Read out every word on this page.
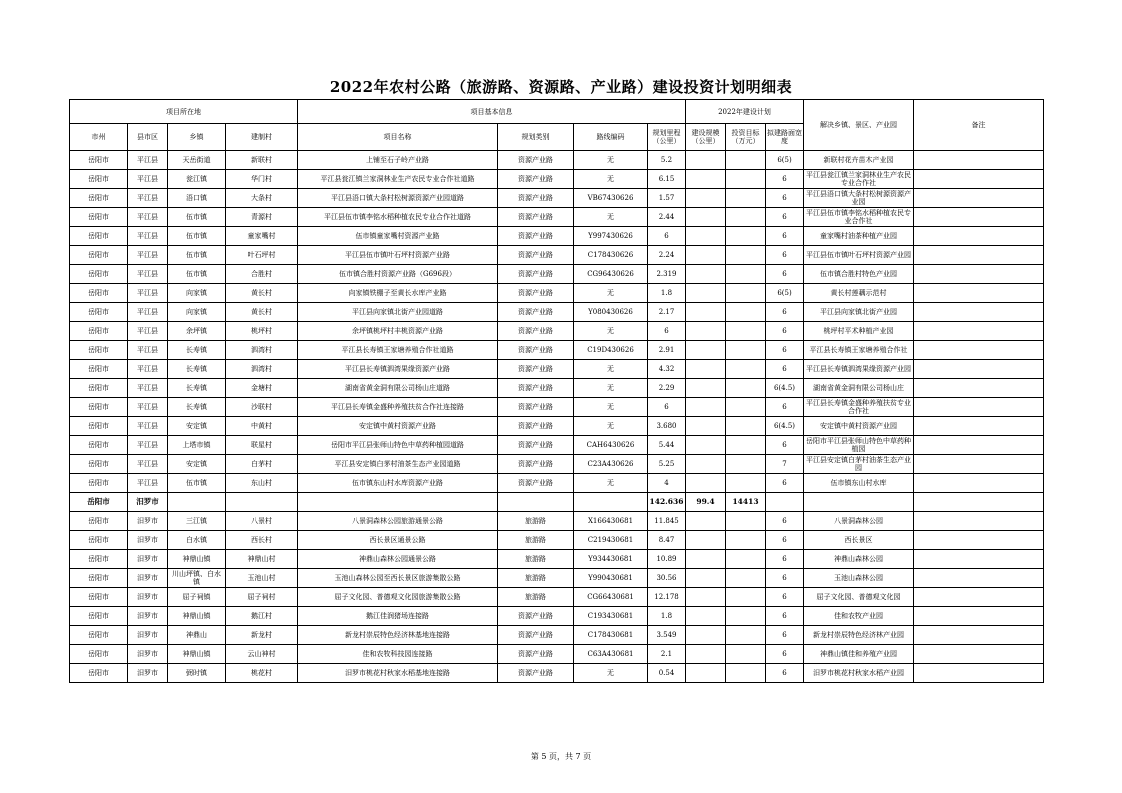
2022年农村公路（旅游路、资源路、产业路）建设投资计划明细表
项目所在地				项目基本信息				2022年建设计划			解决乡镇、景区、产业园	备注
市州	县市区	乡镇	建制村	项目名称	规划类别	路线编码	规划里程（公里）	建设规模（公里）	投资目标（万元）	拟建路面宽度		
岳阳市	平江县	天岳街道	新联村	上铺至石子岭产业路	资源产业路	无	5.2			6(5)	新联村花卉苗木产业园	
岳阳市	平江县	瓮江镇	华门村	平江县瓮江镇兰家洞林业生产农民专业合作社道路	资源产业路	无	6.15			6	平江县瓮江镇兰家洞林业生产农民专业合作社	
岳阳市	平江县	浯口镇	大条村	平江县浯口镇大条村松树源资源产业园道路	资源产业路	VB67430626	1.57			6	平江县浯口镇大条村松树源资源产业园	
岳阳市	平江县	伍市镇	青源村	平江县伍市镇李铭水稻种植农民专业合作社道路	资源产业路	无	2.44			6	平江县伍市镇李铭水稻种植农民专业合作社	
岳阳市	平江县	伍市镇	童家嘴村	伍市镇童家嘴村资源产业路	资源产业路	Y997430626	6			6	童家嘴村油茶种植产业园	
岳阳市	平江县	伍市镇	叶石坪村	平江县伍市镇叶石坪村资源产业路	资源产业路	C178430626	2.24			6	平江县伍市镇叶石坪村资源产业园	
岳阳市	平江县	伍市镇	合胜村	伍市镇合胜村资源产业路（G696段）	资源产业路	CG96430626	2.319			6	伍市镇合胜村特色产业园	
岳阳市	平江县	向家镇	黄长村	向家镇铁棚子至黄长水库产业路	资源产业路	无	1.8			6(5)	黄长村莲藕示范村	
岳阳市	平江县	向家镇	黄长村	平江县向家镇北街产业园道路	资源产业路	Y080430626	2.17			6	平江县向家镇北街产业园	
岳阳市	平江县	余坪镇	桃坪村	余坪镇桃坪村丰桃资源产业路	资源产业路	无	6			6	桃坪村平术种植产业园	
岳阳市	平江县	长寿镇	泗湾村	平江县长寿镇王家塘养殖合作社道路	资源产业路	C19D430626	2.91			6	平江县长寿镇王家塘养殖合作社	
岳阳市	平江县	长寿镇	泗湾村	平江县长寿镇泗湾果缘资源产业路	资源产业路	无	4.32			6	平江县长寿镇泗湾果缘资源产业园	
岳阳市	平江县	长寿镇	金塘村	湖南省黄金洞有限公司杨山庄道路	资源产业路	无	2.29			6(4.5)	湖南省黄金洞有限公司杨山庄	
岳阳市	平江县	长寿镇	沙联村	平江县长寿镇金盛种养殖扶贫合作社连接路	资源产业路	无	6			6	平江县长寿镇金盛种养殖扶贫专业合作社	
岳阳市	平江县	安定镇	中黄村	安定镇中黄村资源产业路	资源产业路	无	3.680			6(4.5)	安定镇中黄村资源产业园	
岳阳市	平江县	上塔市镇	联星村	岳阳市平江县张师山特色中草药种植园道路	资源产业路	CAH6430626	5.44			6	岳阳市平江县张师山特色中草药种植园	
岳阳市	平江县	安定镇	白茅村	平江县安定镇白茅村油茶生态产业园道路	资源产业路	C23A430626	5.25			7	平江县安定镇白茅村油茶生态产业园	
岳阳市	平江县	伍市镇	东山村	伍市镇东山村水库资源产业路	资源产业路	无	4			6	伍市镇东山村水库	
岳阳市	汨罗市						142.636	99.4	14413			
岳阳市	汨罗市	三江镇	八景村	八景洞森林公园旅游通景公路	旅游路	X166430681	11.845			6	八景洞森林公园	
岳阳市	汨罗市	白水镇	西长村	西长景区通景公路	旅游路	C219430681	8.47			6	西长景区	
岳阳市	汨罗市	神鼎山镇	神鼎山村	神鼎山森林公园通景公路	旅游路	Y934430681	10.89			6	神鼎山森林公园	
岳阳市	汨罗市	川山坪镇、白水镇	玉池山村	玉池山森林公园至西长景区旅游集散公路	旅游路	Y990430681	30.56			6	玉池山森林公园	
岳阳市	汨罗市	屈子祠镇	屈子祠村	屈子文化园、普德观文化园旅游集散公路	旅游路	CG66430681	12.178			6	屈子文化园、普德观文化园	
岳阳市	汨罗市	神鼎山镇	鹅江村	鹅江佳润猪场连接路	资源产业路	C193430681	1.8			6	佳和农牧产业园	
岳阳市	汨罗市	神鼎山	新龙村	新龙村崇辰特色经济林基地连接路	资源产业路	C178430681	3.549			6	新龙村崇辰特色经济林产业园	
岳阳市	汨罗市	神鼎山镇	云山神村	佳和农牧科技园连接路	资源产业路	C63A430681	2.1			6	神鼎山镇佳和养殖产业园	
岳阳市	汨罗市	弼时镇	桃花村	汨罗市桃花村秋家水稻基地连接路	资源产业路	无	0.54			6	汨罗市桃花村秋家水稻产业园	
第 5 页，共 7 页
